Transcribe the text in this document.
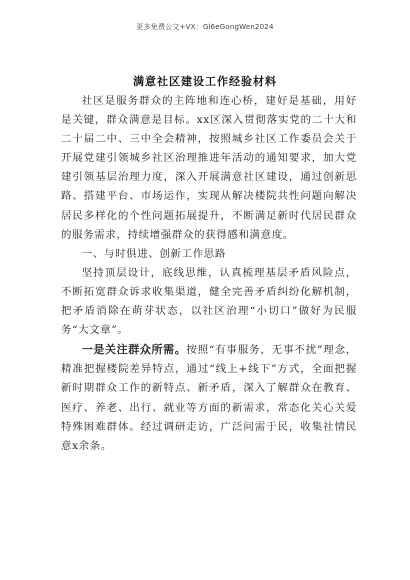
更多免费公文+VX：Gl6eGongWen2024
满意社区建设工作经验材料

社区是服务群众的主阵地和连心桥，建好是基础，用好是关键，群众满意是目标。xx区深入贯彻落实党的二十大和二十届二中、三中全会精神，按照城乡社区工作委员会关于开展党建引领城乡社区治理推进年活动的通知要求，加大党建引领基层治理力度，深入开展满意社区建设，通过创新思路、搭建平台、市场运作，实现从解决楼院共性问题向解决居民多样化的个性问题拓展提升，不断满足新时代居民群众的服务需求，持续增强群众的获得感和满意度。

一、与时俱进、创新工作思路

坚持顶层设计，底线思维，认真梳理基层矛盾风险点，不断拓宽群众诉求收集渠道，健全完善矛盾纠纷化解机制，把矛盾消除在萌芽状态，以社区治理“小切口”做好为民服务“大文章”。

一是关注群众所需。按照“有事服务，无事不扰”理念，精准把握楼院差异特点，通过“线上+线下”方式，全面把握新时期群众工作的新特点、新矛盾，深入了解群众在教育、医疗、养老、出行、就业等方面的新需求，常态化关心关爱特殊困难群体。经过调研走访，广泛问需于民，收集社情民意x余条。
